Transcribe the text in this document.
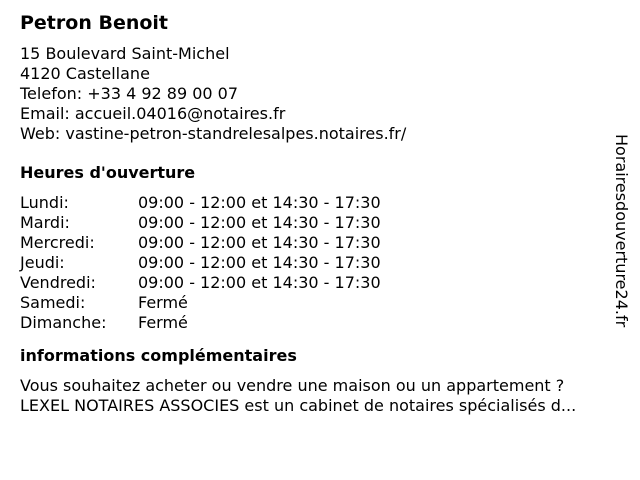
Petron Benoit
15 Boulevard Saint-Michel
4120 Castellane
Telefon: +33 4 92 89 00 07
Email: accueil.04016@notaires.fr
Web: vastine-petron-standrelesalpes.notaires.fr/
Heures d'ouverture
Lundi:	09:00 - 12:00 et 14:30 - 17:30
Mardi:	09:00 - 12:00 et 14:30 - 17:30
Mercredi:	09:00 - 12:00 et 14:30 - 17:30
Jeudi:	09:00 - 12:00 et 14:30 - 17:30
Vendredi:	09:00 - 12:00 et 14:30 - 17:30
Samedi:	Fermé
Dimanche:	Fermé
informations complémentaires
Vous souhaitez acheter ou vendre une maison ou un appartement ?
LEXEL NOTAIRES ASSOCIES est un cabinet de notaires spécialisés d...
Horairesdouverture24.fr
